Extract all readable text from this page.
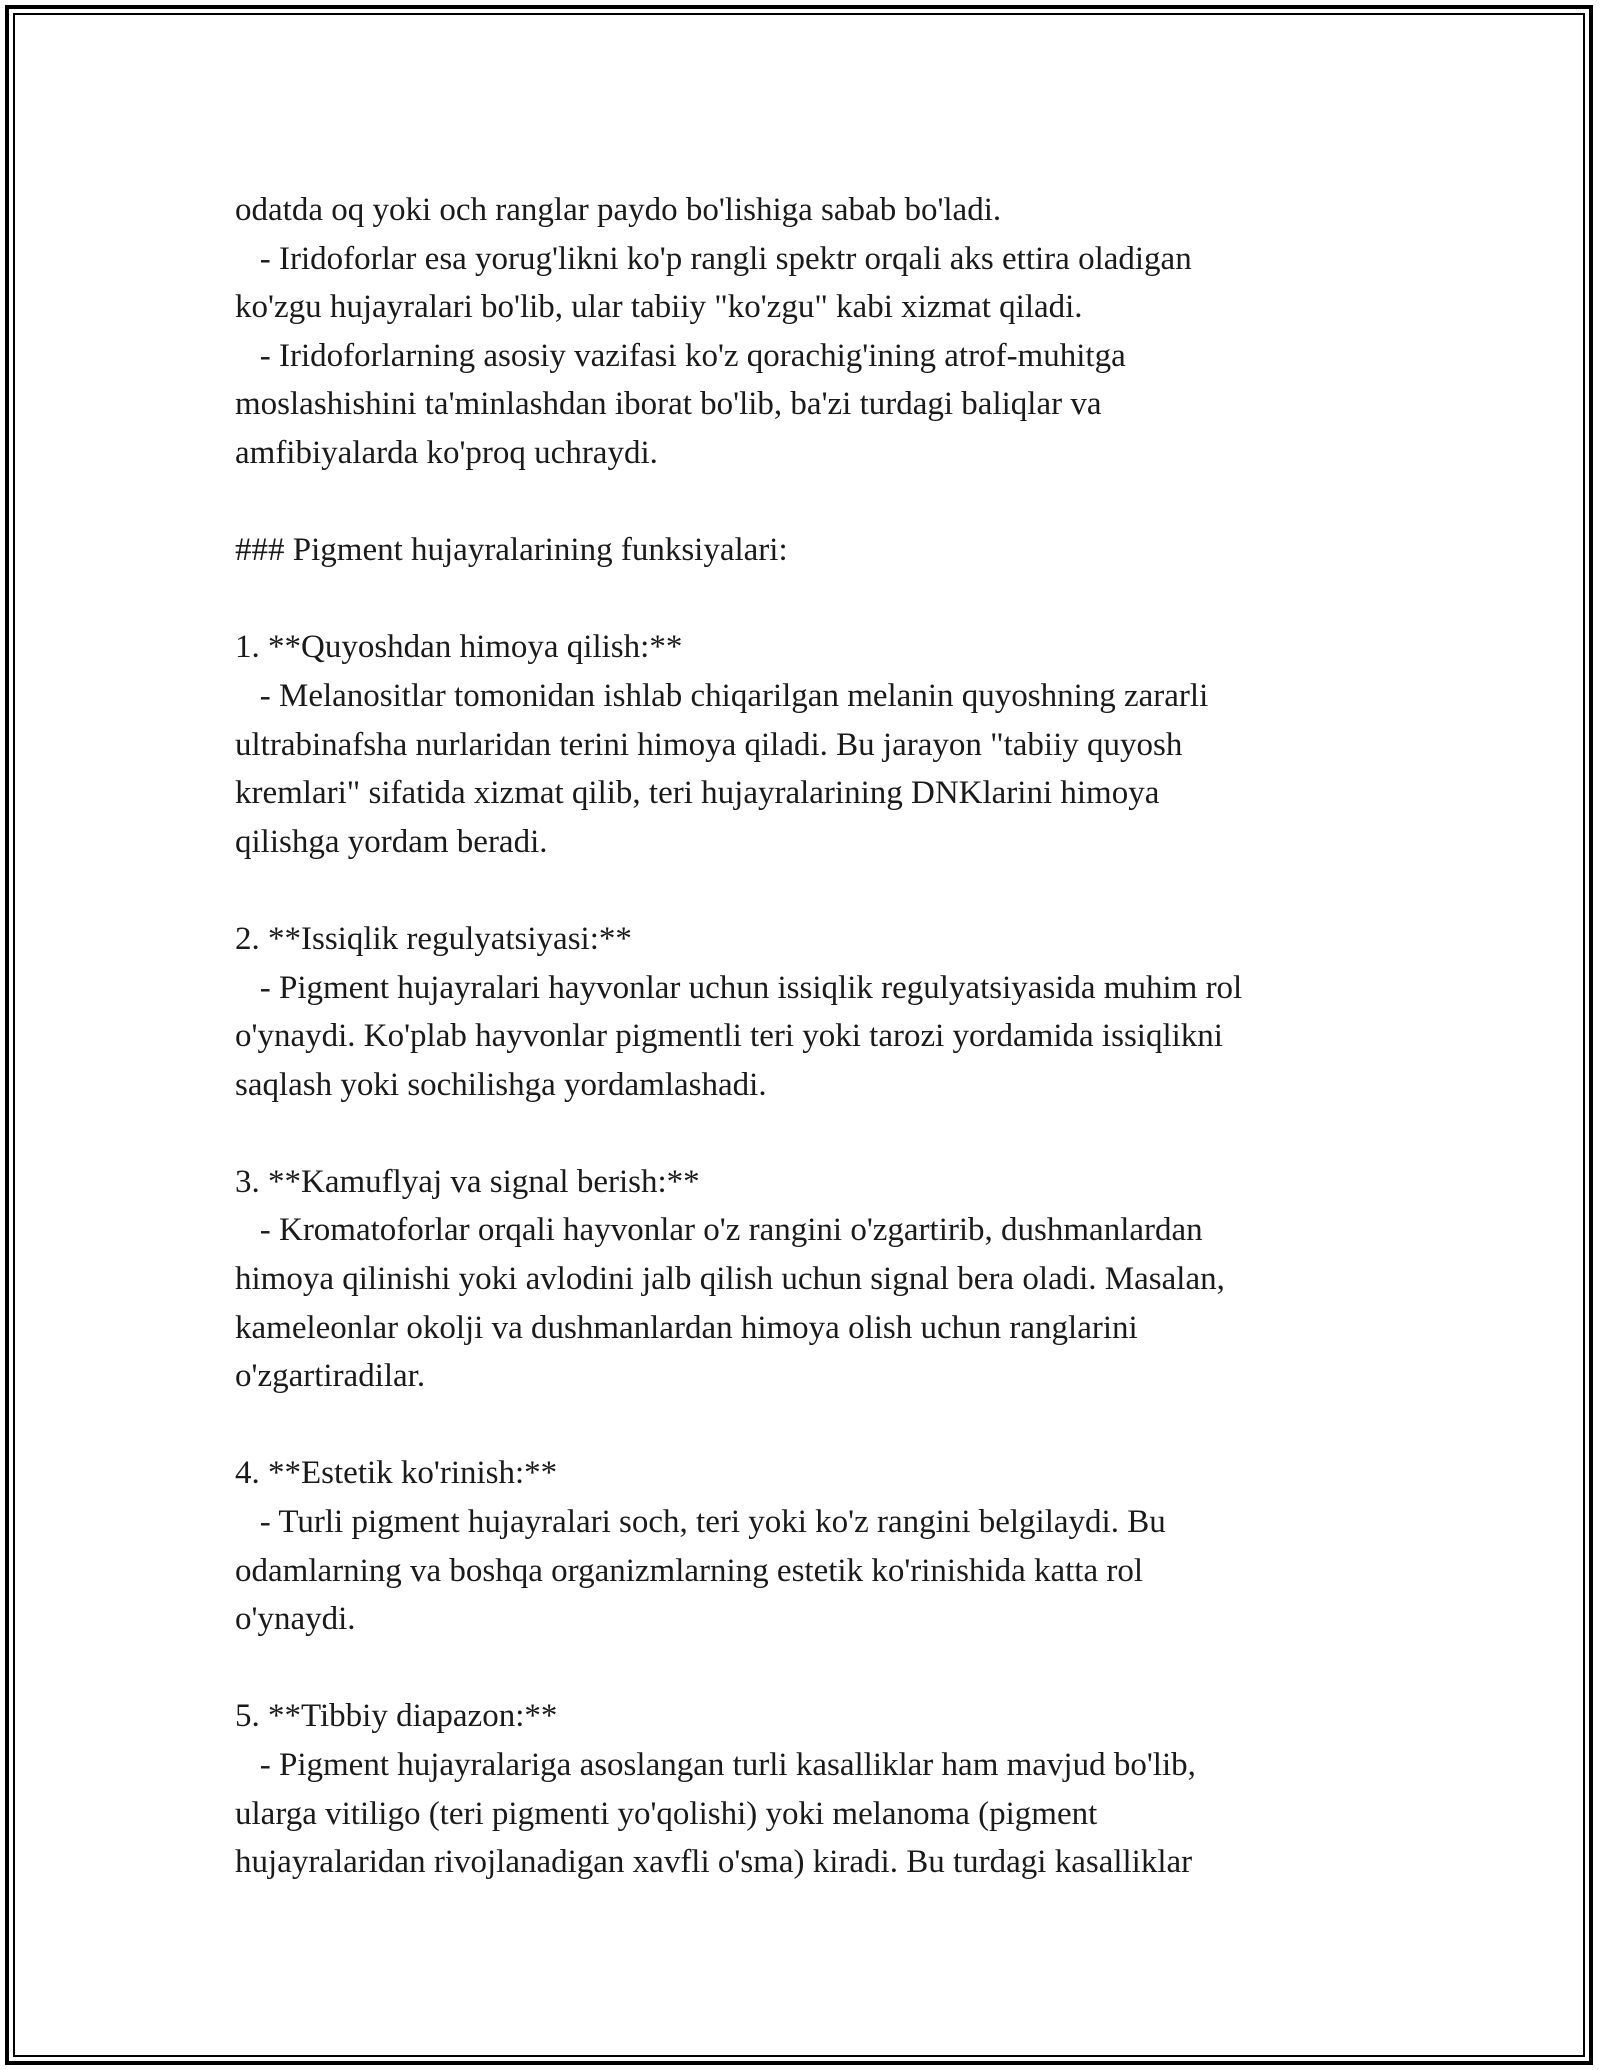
odatda oq yoki och ranglar paydo bo'lishiga sabab bo'ladi.
- Iridoforlar esa yorug'likni ko'p rangli spektr orqali aks ettira oladigan
ko'zgu hujayralari bo'lib, ular tabiiy "ko'zgu" kabi xizmat qiladi.
- Iridoforlarning asosiy vazifasi ko'z qorachig'ining atrof-muhitga
moslashishini ta'minlashdan iborat bo'lib, ba'zi turdagi baliqlar va
amfibiyalarda ko'proq uchraydi.
### Pigment hujayralarining funksiyalari:
1. **Quyoshdan himoya qilish:**
- Melanositlar tomonidan ishlab chiqarilgan melanin quyoshning zararli
ultrabinafsha nurlaridan terini himoya qiladi. Bu jarayon "tabiiy quyosh
kremlari" sifatida xizmat qilib, teri hujayralarining DNKlarini himoya
qilishga yordam beradi.
2. **Issiqlik regulyatsiyasi:**
- Pigment hujayralari hayvonlar uchun issiqlik regulyatsiyasida muhim rol
o'ynaydi. Ko'plab hayvonlar pigmentli teri yoki tarozi yordamida issiqlikni
saqlash yoki sochilishga yordamlashadi.
3. **Kamuflyaj va signal berish:**
- Kromatoforlar orqali hayvonlar o'z rangini o'zgartirib, dushmanlardan
himoya qilinishi yoki avlodini jalb qilish uchun signal bera oladi. Masalan,
kameleonlar okolji va dushmanlardan himoya olish uchun ranglarini
o'zgartiradilar.
4. **Estetik ko'rinish:**
- Turli pigment hujayralari soch, teri yoki ko'z rangini belgilaydi. Bu
odamlarning va boshqa organizmlarning estetik ko'rinishida katta rol
o'ynaydi.
5. **Tibbiy diapazon:**
- Pigment hujayralariga asoslangan turli kasalliklar ham mavjud bo'lib,
ularga vitiligo (teri pigmenti yo'qolishi) yoki melanoma (pigment
hujayralaridan rivojlanadigan xavfli o'sma) kiradi. Bu turdagi kasalliklar
